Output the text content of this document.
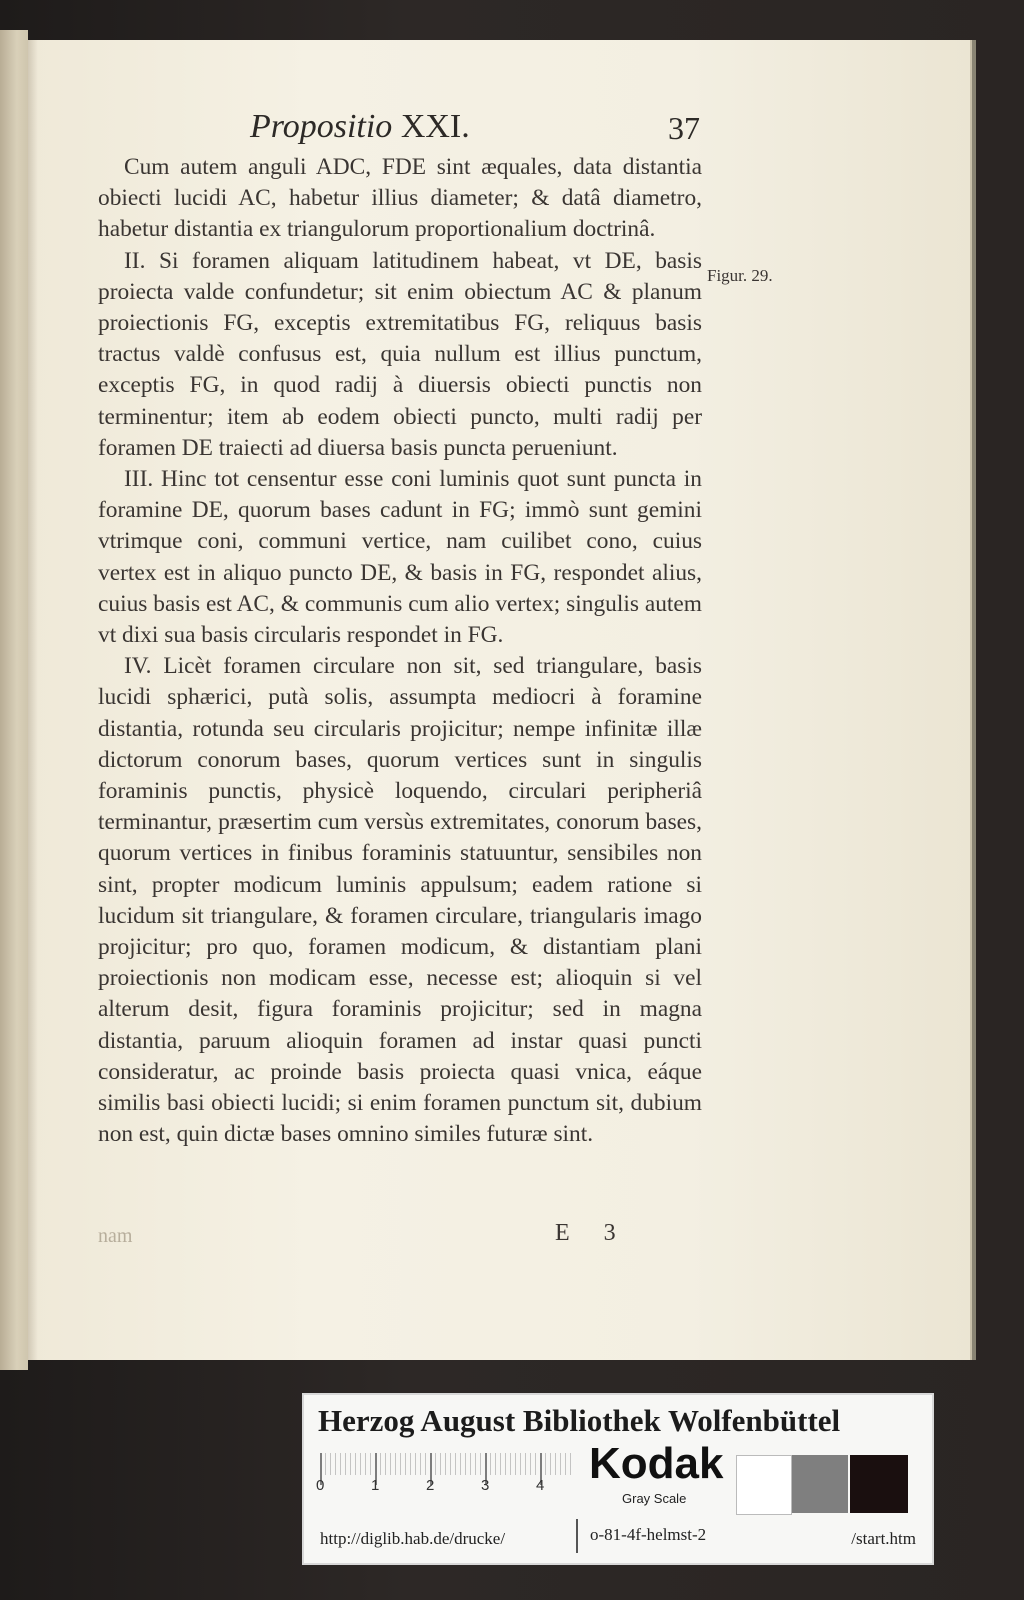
Propositio XXI.	37

Cum autem anguli ADC, FDE sint æquales, data distantia obiecti lucidi AC, habetur illius diameter; & datâ diametro, habetur distantia ex triangulorum proportionalium doctrinâ.

II. Si foramen aliquam latitudinem habeat, vt DE, basis proiecta valde confundetur; sit enim obiectum AC & planum proiectionis FG, exceptis extremitatibus FG, reliquus basis tractus valdè confusus est, quia nullum est illius punctum, exceptis FG, in quod radij à diuersis obiecti punctis non terminentur; item ab eodem obiecti puncto, multi radij per foramen DE traiecti ad diuersa basis puncta perueniunt.

III. Hinc tot censentur esse coni luminis quot sunt puncta in foramine DE, quorum bases cadunt in FG; immò sunt gemini vtrimque coni, communi vertice, nam cuilibet cono, cuius vertex est in aliquo puncto DE, & basis in FG, respondet alius, cuius basis est AC, & communis cum alio vertex; singulis autem vt dixi sua basis circularis respondet in FG.

IV. Licèt foramen circulare non sit, sed triangulare, basis lucidi sphærici, putà solis, assumpta mediocri à foramine distantia, rotunda seu circularis projicitur; nempe infinitæ illæ dictorum conorum bases, quorum vertices sunt in singulis foraminis punctis, physicè loquendo, circulari peripheriâ terminantur, præsertim cum versùs extremitates, conorum bases, quorum vertices in finibus foraminis statuuntur, sensibiles non sint, propter modicum luminis appulsum; eadem ratione si lucidum sit triangulare, & foramen circulare, triangularis imago projicitur; pro quo, foramen modicum, & distantiam plani proiectionis non modicam esse, necesse est; alioquin si vel alterum desit, figura foraminis projicitur; sed in magna distantia, paruum alioquin foramen ad instar quasi puncti consideratur, ac proinde basis proiecta quasi vnica, eáque similis basi obiecti lucidi; si enim foramen punctum sit, dubium non est, quin dictæ bases omnino similes futuræ sint.

Figur. 29.
nam	E 3
Herzog August Bibliothek Wolfenbüttel
0	1	2	3	4 Kodak
Gray Scale
http://diglib.hab.de/drucke/	o-81-4f-helmst-2	/start.htm
